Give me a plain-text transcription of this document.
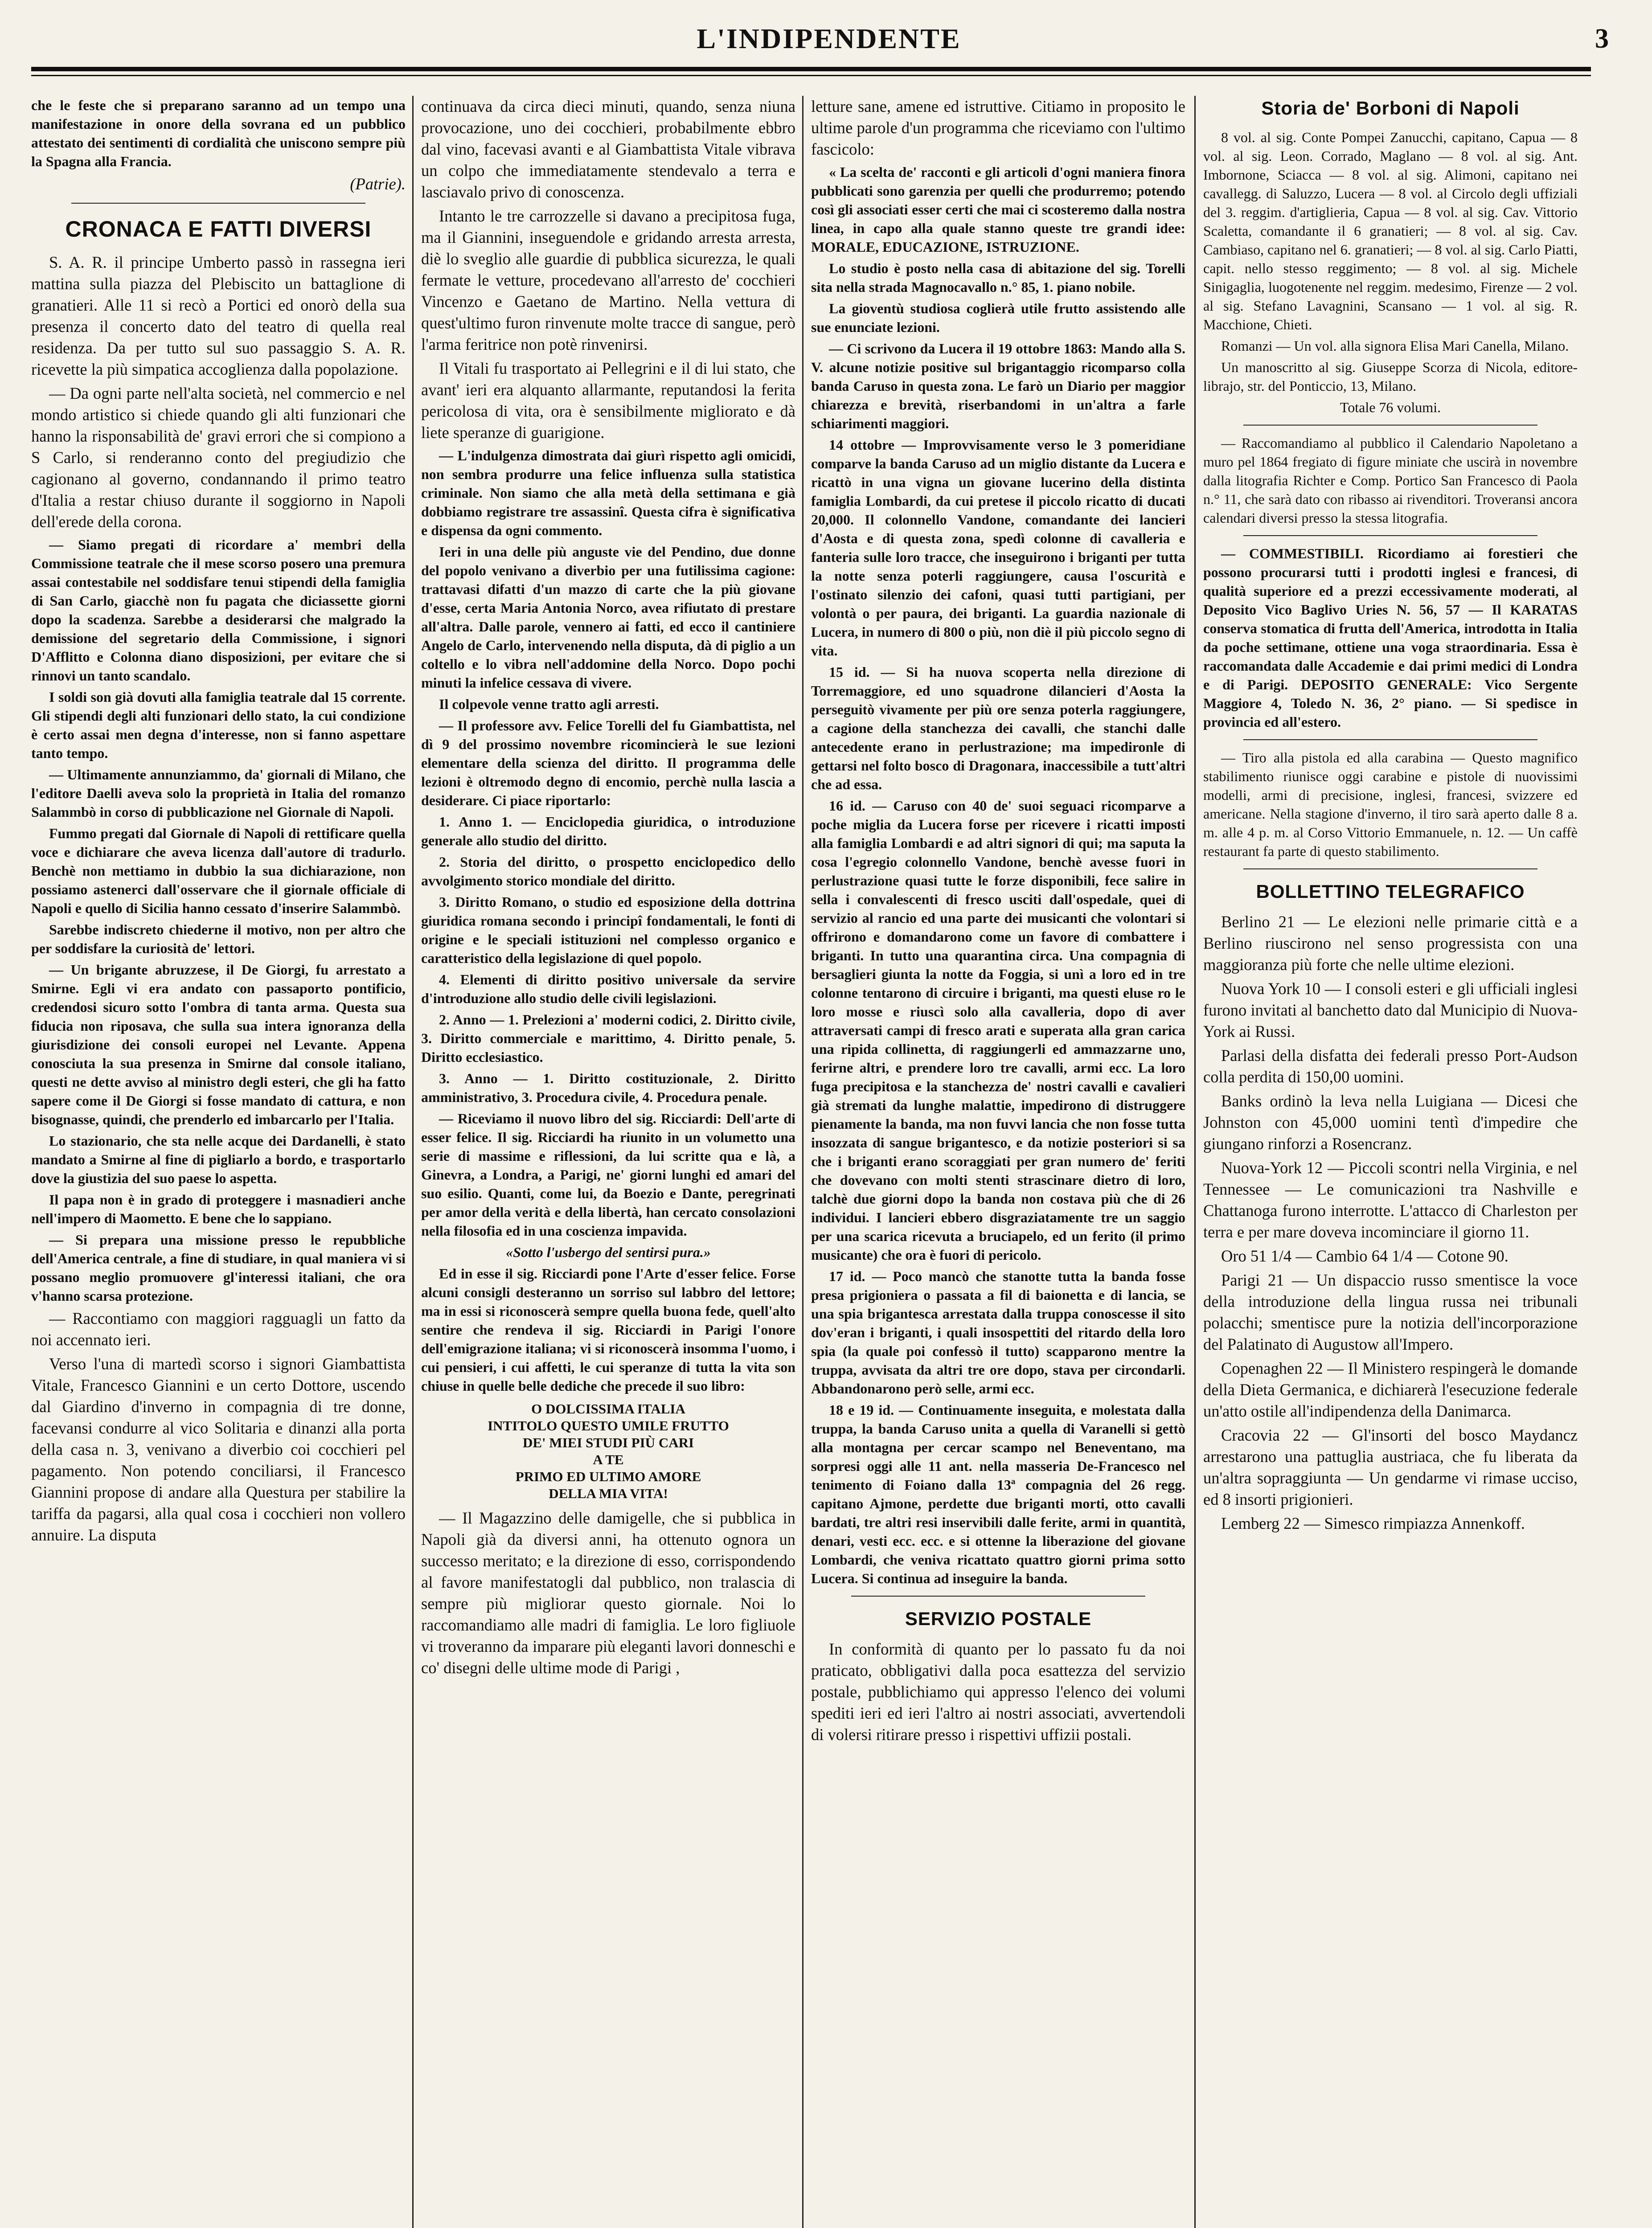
L'INDIPENDENTE	3

che le feste che si preparano saranno ad un tempo una manifestazione in onore della sovrana ed un pubblico attestato dei sentimenti di cordialità che uniscono sempre più la Spagna alla Francia.

(Patrie).

CRONACA E FATTI DIVERSI

S. A. R. il principe Umberto passò in rassegna ieri mattina sulla piazza del Plebiscito un battaglione di granatieri. Alle 11 si recò a Portici ed onorò della sua presenza il concerto dato del teatro di quella real residenza. Da per tutto sul suo passaggio S. A. R. ricevette la più simpatica accoglienza dalla popolazione.

— Da ogni parte nell'alta società, nel commercio e nel mondo artistico si chiede quando gli alti funzionari che hanno la risponsabilità de' gravi errori che si compiono a S Carlo, si renderanno conto del pregiudizio che cagionano al governo, condannando il primo teatro d'Italia a restar chiuso durante il soggiorno in Napoli dell'erede della corona.

— Siamo pregati di ricordare a' membri della Commissione teatrale che il mese scorso posero una premura assai contestabile nel soddisfare tenui stipendi della famiglia di San Carlo, giacchè non fu pagata che diciassette giorni dopo la scadenza. Sarebbe a desiderarsi che malgrado la demissione del segretario della Commissione, i signori D'Afflitto e Colonna diano disposizioni, per evitare che si rinnovi un tanto scandalo.

I soldi son già dovuti alla famiglia teatrale dal 15 corrente. Gli stipendi degli alti funzionari dello stato, la cui condizione è certo assai men degna d'interesse, non si fanno aspettare tanto tempo.

— Ultimamente annunziammo, da' giornali di Milano, che l'editore Daelli aveva solo la proprietà in Italia del romanzo Salammbò in corso di pubblicazione nel Giornale di Napoli.

Fummo pregati dal Giornale di Napoli di rettificare quella voce e dichiarare che aveva licenza dall'autore di tradurlo. Benchè non mettiamo in dubbio la sua dichiarazione, non possiamo astenerci dall'osservare che il giornale officiale di Napoli e quello di Sicilia hanno cessato d'inserire Salammbò.

Sarebbe indiscreto chiederne il motivo, non per altro che per soddisfare la curiosità de' lettori.

— Un brigante abruzzese, il De Giorgi, fu arrestato a Smirne. Egli vi era andato con passaporto pontificio, credendosi sicuro sotto l'ombra di tanta arma. Questa sua fiducia non riposava, che sulla sua intera ignoranza della giurisdizione dei consoli europei nel Levante. Appena conosciuta la sua presenza in Smirne dal console italiano, questi ne dette avviso al ministro degli esteri, che gli ha fatto sapere come il De Giorgi si fosse mandato di cattura, e non bisognasse, quindi, che prenderlo ed imbarcarlo per l'Italia.

Lo stazionario, che sta nelle acque dei Dardanelli, è stato mandato a Smirne al fine di pigliarlo a bordo, e trasportarlo dove la giustizia del suo paese lo aspetta.

Il papa non è in grado di proteggere i masnadieri anche nell'impero di Maometto. E bene che lo sappiano.

— Si prepara una missione presso le repubbliche dell'America centrale, a fine di studiare, in qual maniera vi si possano meglio promuovere gl'interessi italiani, che ora v'hanno scarsa protezione.

— Raccontiamo con maggiori ragguagli un fatto da noi accennato ieri.

Verso l'una di martedì scorso i signori Giambattista Vitale, Francesco Giannini e un certo Dottore, uscendo dal Giardino d'inverno in compagnia di tre donne, facevansi condurre al vico Solitaria e dinanzi alla porta della casa n. 3, venivano a diverbio coi cocchieri pel pagamento. Non potendo conciliarsi, il Francesco Giannini propose di andare alla Questura per stabilire la tariffa da pagarsi, alla qual cosa i cocchieri non vollero annuire. La disputa

continuava da circa dieci minuti, quando, senza niuna provocazione, uno dei cocchieri, probabilmente ebbro dal vino, facevasi avanti e al Giambattista Vitale vibrava un colpo che immediatamente stendevalo a terra e lasciavalo privo di conoscenza.

Intanto le tre carrozzelle si davano a precipitosa fuga, ma il Giannini, inseguendole e gridando arresta arresta, diè lo sveglio alle guardie di pubblica sicurezza, le quali fermate le vetture, procedevano all'arresto de' cocchieri Vincenzo e Gaetano de Martino. Nella vettura di quest'ultimo furon rinvenute molte tracce di sangue, però l'arma feritrice non potè rinvenirsi.

Il Vitali fu trasportato ai Pellegrini e il di lui stato, che avant' ieri era alquanto allarmante, reputandosi la ferita pericolosa di vita, ora è sensibilmente migliorato e dà liete speranze di guarigione.

— L'indulgenza dimostrata dai giurì rispetto agli omicidi, non sembra produrre una felice influenza sulla statistica criminale. Non siamo che alla metà della settimana e già dobbiamo registrare tre assassinî. Questa cifra è significativa e dispensa da ogni commento.

Ieri in una delle più anguste vie del Pendino, due donne del popolo venivano a diverbio per una futilissima cagione: trattavasi difatti d'un mazzo di carte che la più giovane d'esse, certa Maria Antonia Norco, avea rifiutato di prestare all'altra. Dalle parole, vennero ai fatti, ed ecco il cantiniere Angelo de Carlo, intervenendo nella disputa, dà di piglio a un coltello e lo vibra nell'addomine della Norco. Dopo pochi minuti la infelice cessava di vivere.

Il colpevole venne tratto agli arresti.

— Il professore avv. Felice Torelli del fu Giambattista, nel dì 9 del prossimo novembre ricomincierà le sue lezioni elementare della scienza del diritto. Il programma delle lezioni è oltremodo degno di encomio, perchè nulla lascia a desiderare. Ci piace riportarlo:

1. Anno 1. — Enciclopedia giuridica, o introduzione generale allo studio del diritto.

2. Storia del diritto, o prospetto enciclopedico dello avvolgimento storico mondiale del diritto.

3. Diritto Romano, o studio ed esposizione della dottrina giuridica romana secondo i principî fondamentali, le fonti di origine e le speciali istituzioni nel complesso organico e caratteristico della legislazione di quel popolo.

4. Elementi di diritto positivo universale da servire d'introduzione allo studio delle civili legislazioni.

2. Anno — 1. Prelezioni a' moderni codici, 2. Diritto civile, 3. Diritto commerciale e marittimo, 4. Diritto penale, 5. Diritto ecclesiastico.

3. Anno — 1. Diritto costituzionale, 2. Diritto amministrativo, 3. Procedura civile, 4. Procedura penale.

— Riceviamo il nuovo libro del sig. Ricciardi: Dell'arte di esser felice. Il sig. Ricciardi ha riunito in un volumetto una serie di massime e riflessioni, da lui scritte qua e là, a Ginevra, a Londra, a Parigi, ne' giorni lunghi ed amari del suo esilio. Quanti, come lui, da Boezio e Dante, peregrinati per amor della verità e della libertà, han cercato consolazioni nella filosofia ed in una coscienza impavida.

«Sotto l'usbergo del sentirsi pura.»

Ed in esse il sig. Ricciardi pone l'Arte d'esser felice. Forse alcuni consigli desteranno un sorriso sul labbro del lettore; ma in essi si riconoscerà sempre quella buona fede, quell'alto sentire che rendeva il sig. Ricciardi in Parigi l'onore dell'emigrazione italiana; vi si riconoscerà insomma l'uomo, i cui pensieri, i cui affetti, le cui speranze di tutta la vita son chiuse in quelle belle dediche che precede il suo libro:

O DOLCISSIMA ITALIA
INTITOLO QUESTO UMILE FRUTTO
DE' MIEI STUDI PIÙ CARI
A TE
PRIMO ED ULTIMO AMORE
DELLA MIA VITA!

— Il Magazzino delle damigelle, che si pubblica in Napoli già da diversi anni, ha ottenuto ognora un successo meritato; e la direzione di esso, corrispondendo al favore manifestatogli dal pubblico, non tralascia di sempre più migliorar questo giornale. Noi lo raccomandiamo alle madri di famiglia. Le loro figliuole vi troveranno da imparare più eleganti lavori donneschi e co' disegni delle ultime mode di Parigi ,

letture sane, amene ed istruttive. Citiamo in proposito le ultime parole d'un programma che riceviamo con l'ultimo fascicolo:

« La scelta de' racconti e gli articoli d'ogni maniera finora pubblicati sono garenzia per quelli che produrremo; potendo così gli associati esser certi che mai ci scosteremo dalla nostra linea, in capo alla quale stanno queste tre grandi idee: MORALE, EDUCAZIONE, ISTRUZIONE.

Lo studio è posto nella casa di abitazione del sig. Torelli sita nella strada Magnocavallo n.° 85, 1. piano nobile.

La gioventù studiosa coglierà utile frutto assistendo alle sue enunciate lezioni.

— Ci scrivono da Lucera il 19 ottobre 1863: Mando alla S. V. alcune notizie positive sul brigantaggio ricomparso colla banda Caruso in questa zona. Le farò un Diario per maggior chiarezza e brevità, riserbandomi in un'altra a farle schiarimenti maggiori.

14 ottobre — Improvvisamente verso le 3 pomeridiane comparve la banda Caruso ad un miglio distante da Lucera e ricattò in una vigna un giovane lucerino della distinta famiglia Lombardi, da cui pretese il piccolo ricatto di ducati 20,000. Il colonnello Vandone, comandante dei lancieri d'Aosta e di questa zona, spedì colonne di cavalleria e fanteria sulle loro tracce, che inseguirono i briganti per tutta la notte senza poterli raggiungere, causa l'oscurità e l'ostinato silenzio dei cafoni, quasi tutti partigiani, per volontà o per paura, dei briganti. La guardia nazionale di Lucera, in numero di 800 o più, non diè il più piccolo segno di vita.

15 id. — Si ha nuova scoperta nella direzione di Torremaggiore, ed uno squadrone dilancieri d'Aosta la perseguitò vivamente per più ore senza poterla raggiungere, a cagione della stanchezza dei cavalli, che stanchi dalle antecedente erano in perlustrazione; ma impedironle di gettarsi nel folto bosco di Dragonara, inaccessibile a tutt'altri che ad essa.

16 id. — Caruso con 40 de' suoi seguaci ricomparve a poche miglia da Lucera forse per ricevere i ricatti imposti alla famiglia Lombardi e ad altri signori di qui; ma saputa la cosa l'egregio colonnello Vandone, benchè avesse fuori in perlustrazione quasi tutte le forze disponibili, fece salire in sella i convalescenti di fresco usciti dall'ospedale, quei di servizio al rancio ed una parte dei musicanti che volontari si offrirono e domandarono come un favore di combattere i briganti. In tutto una quarantina circa. Una compagnia di bersaglieri giunta la notte da Foggia, si unì a loro ed in tre colonne tentarono di circuire i briganti, ma questi eluse ro le loro mosse e riuscì solo alla cavalleria, dopo di aver attraversati campi di fresco arati e superata alla gran carica una ripida collinetta, di raggiungerli ed ammazzarne uno, ferirne altri, e prendere loro tre cavalli, armi ecc. La loro fuga precipitosa e la stanchezza de' nostri cavalli e cavalieri già stremati da lunghe malattie, impedirono di distruggere pienamente la banda, ma non fuvvi lancia che non fosse tutta insozzata di sangue brigantesco, e da notizie posteriori si sa che i briganti erano scoraggiati per gran numero de' feriti che dovevano con molti stenti strascinare dietro di loro, talchè due giorni dopo la banda non costava più che di 26 individui. I lancieri ebbero disgraziatamente tre un saggio per una scarica ricevuta a bruciapelo, ed un ferito (il primo musicante) che ora è fuori di pericolo.

17 id. — Poco mancò che stanotte tutta la banda fosse presa prigioniera o passata a fil di baionetta e di lancia, se una spia brigantesca arrestata dalla truppa conoscesse il sito dov'eran i briganti, i quali insospettiti del ritardo della loro spia (la quale poi confessò il tutto) scapparono mentre la truppa, avvisata da altri tre ore dopo, stava per circondarli. Abbandonarono però selle, armi ecc.

18 e 19 id. — Continuamente inseguita, e molestata dalla truppa, la banda Caruso unita a quella di Varanelli si gettò alla montagna per cercar scampo nel Beneventano, ma sorpresi oggi alle 11 ant. nella masseria De-Francesco nel tenimento di Foiano dalla 13ª compagnia del 26 regg. capitano Ajmone, perdette due briganti morti, otto cavalli bardati, tre altri resi inservibili dalle ferite, armi in quantità, denari, vesti ecc. ecc. e si ottenne la liberazione del giovane Lombardi, che veniva ricattato quattro giorni prima sotto Lucera. Si continua ad inseguire la banda.

SERVIZIO POSTALE

In conformità di quanto per lo passato fu da noi praticato, obbligativi dalla poca esattezza del servizio postale, pubblichiamo qui appresso l'elenco dei volumi spediti ieri ed ieri l'altro ai nostri associati, avvertendoli di volersi ritirare presso i rispettivi uffizii postali.

Storia de' Borboni di Napoli

8 vol. al sig. Conte Pompei Zanucchi, capitano, Capua — 8 vol. al sig. Leon. Corrado, Maglano — 8 vol. al sig. Ant. Imbornone, Sciacca — 8 vol. al sig. Alimoni, capitano nei cavallegg. di Saluzzo, Lucera — 8 vol. al Circolo degli uffiziali del 3. reggim. d'artiglieria, Capua — 8 vol. al sig. Cav. Vittorio Scaletta, comandante il 6 granatieri; — 8 vol. al sig. Cav. Cambiaso, capitano nel 6. granatieri; — 8 vol. al sig. Carlo Piatti, capit. nello stesso reggimento; — 8 vol. al sig. Michele Sinigaglia, luogotenente nel reggim. medesimo, Firenze — 2 vol. al sig. Stefano Lavagnini, Scansano — 1 vol. al sig. R. Macchione, Chieti.

Romanzi — Un vol. alla signora Elisa Mari Canella, Milano.

Un manoscritto al sig. Giuseppe Scorza di Nicola, editore-librajo, str. del Ponticcio, 13, Milano.

Totale 76 volumi.

— Raccomandiamo al pubblico il Calendario Napoletano a muro pel 1864 fregiato di figure miniate che uscirà in novembre dalla litografia Richter e Comp. Portico San Francesco di Paola n.° 11, che sarà dato con ribasso ai rivenditori. Troveransi ancora calendari diversi presso la stessa litografia.

— COMMESTIBILI. Ricordiamo ai forestieri che possono procurarsi tutti i prodotti inglesi e francesi, di qualità superiore ed a prezzi eccessivamente moderati, al Deposito Vico Baglivo Uries N. 56, 57 — Il KARATAS conserva stomatica di frutta dell'America, introdotta in Italia da poche settimane, ottiene una voga straordinaria. Essa è raccomandata dalle Accademie e dai primi medici di Londra e di Parigi. DEPOSITO GENERALE: Vico Sergente Maggiore 4, Toledo N. 36, 2° piano. — Si spedisce in provincia ed all'estero.

— Tiro alla pistola ed alla carabina — Questo magnifico stabilimento riunisce oggi carabine e pistole di nuovissimi modelli, armi di precisione, inglesi, francesi, svizzere ed americane. Nella stagione d'inverno, il tiro sarà aperto dalle 8 a. m. alle 4 p. m. al Corso Vittorio Emmanuele, n. 12. — Un caffè restaurant fa parte di questo stabilimento.

BOLLETTINO TELEGRAFICO

Berlino 21 — Le elezioni nelle primarie città e a Berlino riuscirono nel senso progressista con una maggioranza più forte che nelle ultime elezioni.

Nuova York 10 — I consoli esteri e gli ufficiali inglesi furono invitati al banchetto dato dal Municipio di Nuova-York ai Russi.

Parlasi della disfatta dei federali presso Port-Audson colla perdita di 150,00 uomini.

Banks ordinò la leva nella Luigiana — Dicesi che Johnston con 45,000 uomini tentì d'impedire che giungano rinforzi a Rosencranz.

Nuova-York 12 — Piccoli scontri nella Virginia, e nel Tennessee — Le comunicazioni tra Nashville e Chattanoga furono interrotte. L'attacco di Charleston per terra e per mare doveva incominciare il giorno 11.

Oro 51 1/4 — Cambio 64 1/4 — Cotone 90.

Parigi 21 — Un dispaccio russo smentisce la voce della introduzione della lingua russa nei tribunali polacchi; smentisce pure la notizia dell'incorporazione del Palatinato di Augustow all'Impero.

Copenaghen 22 — Il Ministero respingerà le domande della Dieta Germanica, e dichiarerà l'esecuzione federale un'atto ostile all'indipendenza della Danimarca.

Cracovia 22 — Gl'insorti del bosco Maydancz arrestarono una pattuglia austriaca, che fu liberata da un'altra sopraggiunta — Un gendarme vi rimase ucciso, ed 8 insorti prigionieri.

Lemberg 22 — Simesco rimpiazza Annenkoff.
